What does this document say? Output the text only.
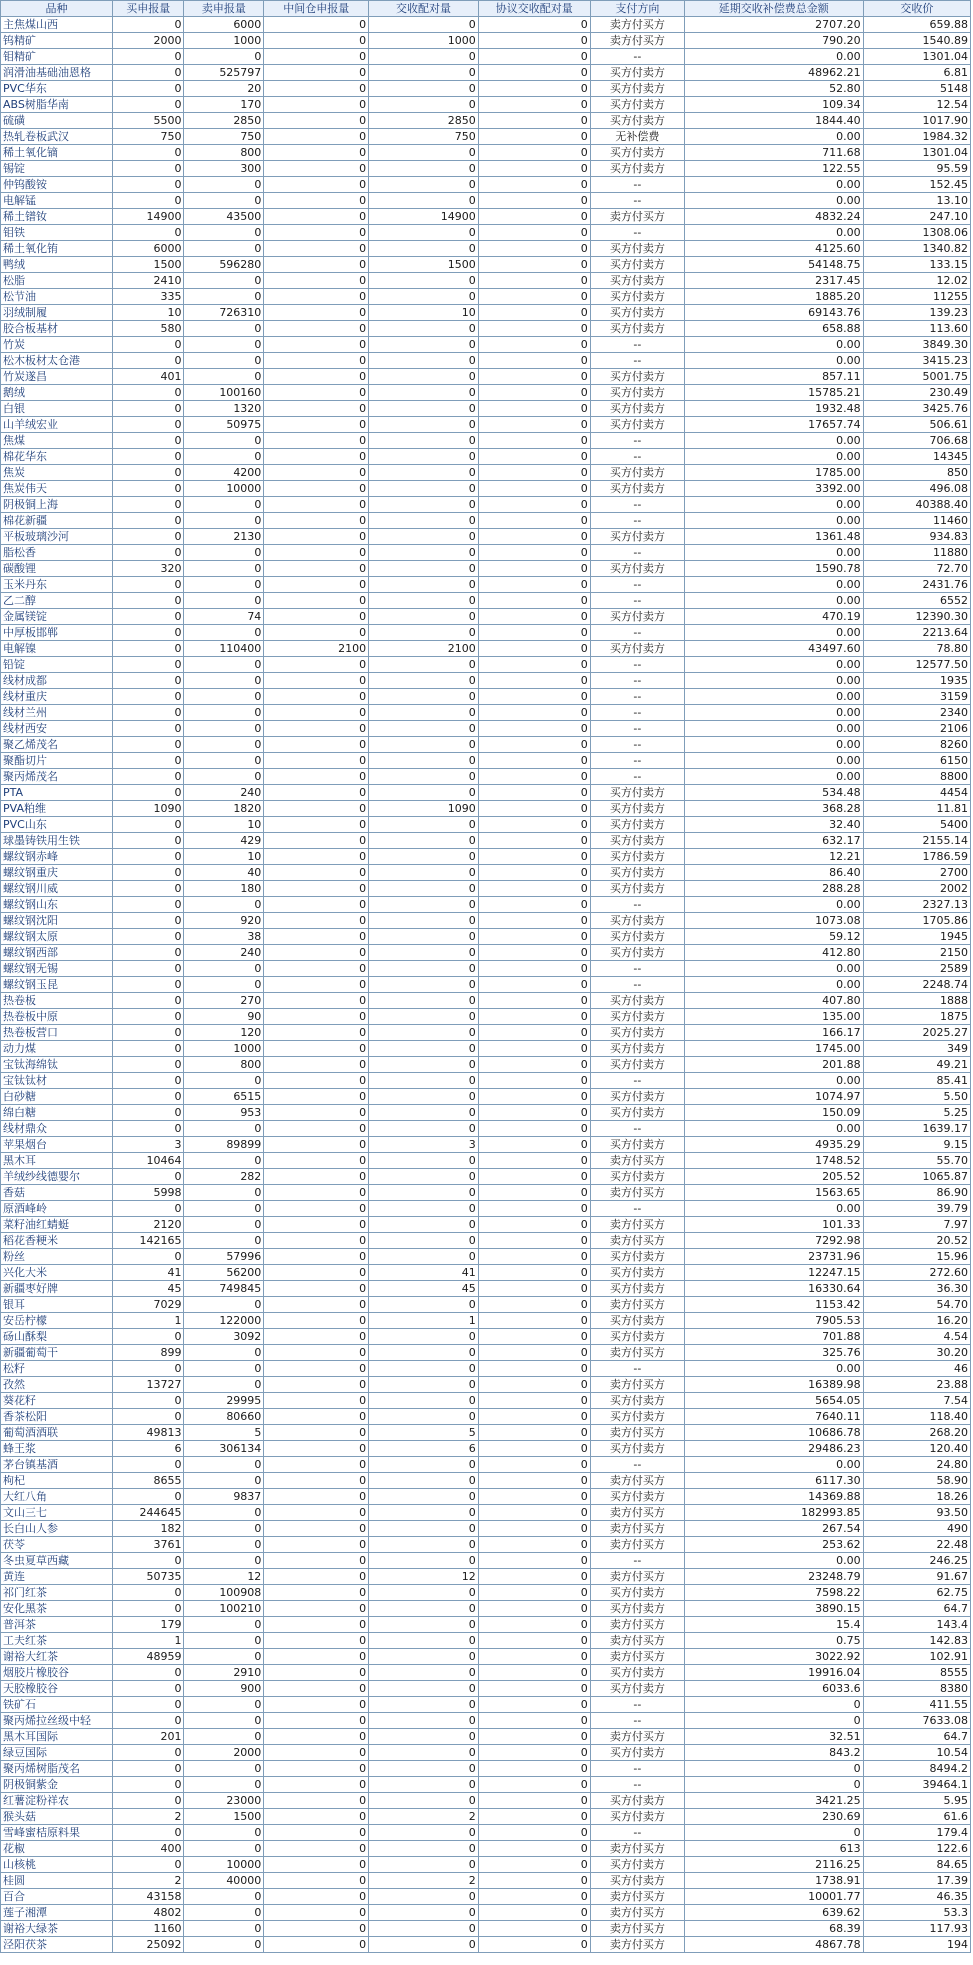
品种	买申报量	卖申报量	中间仓申报量	交收配对量	协议交收配对量	支付方向	延期交收补偿费总金额	交收价
主焦煤山西	0	6000	0	0	0	卖方付买方	2707.20	659.88
钨精矿	2000	1000	0	1000	0	卖方付买方	790.20	1540.89
钼精矿	0	0	0	0	0	--	0.00	1301.04
润滑油基础油恩格	0	525797	0	0	0	买方付卖方	48962.21	6.81
PVC华东	0	20	0	0	0	买方付卖方	52.80	5148
ABS树脂华南	0	170	0	0	0	买方付卖方	109.34	12.54
硫磺	5500	2850	0	2850	0	买方付卖方	1844.40	1017.90
热轧卷板武汉	750	750	0	750	0	无补偿费	0.00	1984.32
稀土氧化镝	0	800	0	0	0	买方付卖方	711.68	1301.04
锡锭	0	300	0	0	0	买方付卖方	122.55	95.59
仲钨酸铵	0	0	0	0	0	--	0.00	152.45
电解锰	0	0	0	0	0	--	0.00	13.10
稀土镨钕	14900	43500	0	14900	0	卖方付买方	4832.24	247.10
钼铁	0	0	0	0	0	--	0.00	1308.06
稀土氧化铕	6000	0	0	0	0	买方付卖方	4125.60	1340.82
鸭绒	1500	596280	0	1500	0	买方付卖方	54148.75	133.15
松脂	2410	0	0	0	0	买方付卖方	2317.45	12.02
松节油	335	0	0	0	0	买方付卖方	1885.20	11255
羽绒制履	10	726310	0	10	0	买方付卖方	69143.76	139.23
胶合板基材	580	0	0	0	0	买方付卖方	658.88	113.60
竹炭	0	0	0	0	0	--	0.00	3849.30
松木板材太仓港	0	0	0	0	0	--	0.00	3415.23
竹炭遂昌	401	0	0	0	0	买方付卖方	857.11	5001.75
鹅绒	0	100160	0	0	0	买方付卖方	15785.21	230.49
白银	0	1320	0	0	0	买方付卖方	1932.48	3425.76
山羊绒宏业	0	50975	0	0	0	买方付卖方	17657.74	506.61
焦煤	0	0	0	0	0	--	0.00	706.68
棉花华东	0	0	0	0	0	--	0.00	14345
焦炭	0	4200	0	0	0	买方付卖方	1785.00	850
焦炭伟天	0	10000	0	0	0	买方付卖方	3392.00	496.08
阴极铜上海	0	0	0	0	0	--	0.00	40388.40
棉花新疆	0	0	0	0	0	--	0.00	11460
平板玻璃沙河	0	2130	0	0	0	买方付卖方	1361.48	934.83
脂松香	0	0	0	0	0	--	0.00	11880
碳酸锂	320	0	0	0	0	买方付卖方	1590.78	72.70
玉米丹东	0	0	0	0	0	--	0.00	2431.76
乙二醇	0	0	0	0	0	--	0.00	6552
金属镁锭	0	74	0	0	0	买方付卖方	470.19	12390.30
中厚板邯郸	0	0	0	0	0	--	0.00	2213.64
电解镍	0	110400	2100	2100	0	买方付卖方	43497.60	78.80
铅锭	0	0	0	0	0	--	0.00	12577.50
线材成都	0	0	0	0	0	--	0.00	1935
线材重庆	0	0	0	0	0	--	0.00	3159
线材兰州	0	0	0	0	0	--	0.00	2340
线材西安	0	0	0	0	0	--	0.00	2106
聚乙烯茂名	0	0	0	0	0	--	0.00	8260
聚酯切片	0	0	0	0	0	--	0.00	6150
聚丙烯茂名	0	0	0	0	0	--	0.00	8800
PTA	0	240	0	0	0	买方付卖方	534.48	4454
PVA粕维	1090	1820	0	1090	0	买方付卖方	368.28	11.81
PVC山东	0	10	0	0	0	买方付卖方	32.40	5400
球墨铸铁用生铁	0	429	0	0	0	买方付卖方	632.17	2155.14
螺纹钢赤峰	0	10	0	0	0	买方付卖方	12.21	1786.59
螺纹钢重庆	0	40	0	0	0	买方付卖方	86.40	2700
螺纹钢川威	0	180	0	0	0	买方付卖方	288.28	2002
螺纹钢山东	0	0	0	0	0	--	0.00	2327.13
螺纹钢沈阳	0	920	0	0	0	买方付卖方	1073.08	1705.86
螺纹钢太原	0	38	0	0	0	买方付卖方	59.12	1945
螺纹钢西部	0	240	0	0	0	买方付卖方	412.80	2150
螺纹钢无锡	0	0	0	0	0	--	0.00	2589
螺纹钢玉昆	0	0	0	0	0	--	0.00	2248.74
热卷板	0	270	0	0	0	买方付卖方	407.80	1888
热卷板中原	0	90	0	0	0	买方付卖方	135.00	1875
热卷板营口	0	120	0	0	0	买方付卖方	166.17	2025.27
动力煤	0	1000	0	0	0	买方付卖方	1745.00	349
宝钛海绵钛	0	800	0	0	0	买方付卖方	201.88	49.21
宝钛钛材	0	0	0	0	0	--	0.00	85.41
白砂糖	0	6515	0	0	0	买方付卖方	1074.97	5.50
绵白糖	0	953	0	0	0	买方付卖方	150.09	5.25
线材鼎众	0	0	0	0	0	--	0.00	1639.17
苹果烟台	3	89899	0	3	0	买方付卖方	4935.29	9.15
黑木耳	10464	0	0	0	0	卖方付买方	1748.52	55.70
羊绒纱线德婴尔	0	282	0	0	0	买方付卖方	205.52	1065.87
香菇	5998	0	0	0	0	卖方付买方	1563.65	86.90
原酒峰岭	0	0	0	0	0	--	0.00	39.79
菜籽油红蜻蜓	2120	0	0	0	0	卖方付买方	101.33	7.97
稻花香粳米	142165	0	0	0	0	卖方付买方	7292.98	20.52
粉丝	0	57996	0	0	0	买方付卖方	23731.96	15.96
兴化大米	41	56200	0	41	0	买方付卖方	12247.15	272.60
新疆枣好牌	45	749845	0	45	0	买方付卖方	16330.64	36.30
银耳	7029	0	0	0	0	卖方付买方	1153.42	54.70
安岳柠檬	1	122000	0	1	0	买方付卖方	7905.53	16.20
砀山酥梨	0	3092	0	0	0	买方付卖方	701.88	4.54
新疆葡萄干	899	0	0	0	0	卖方付买方	325.76	30.20
松籽	0	0	0	0	0	--	0.00	46
孜然	13727	0	0	0	0	卖方付买方	16389.98	23.88
葵花籽	0	29995	0	0	0	买方付卖方	5654.05	7.54
香茶松阳	0	80660	0	0	0	买方付卖方	7640.11	118.40
葡萄酒酒联	49813	5	0	5	0	卖方付买方	10686.78	268.20
蜂王浆	6	306134	0	6	0	买方付卖方	29486.23	120.40
茅台镇基酒	0	0	0	0	0	--	0.00	24.80
枸杞	8655	0	0	0	0	卖方付买方	6117.30	58.90
大红八角	0	9837	0	0	0	买方付卖方	14369.88	18.26
文山三七	244645	0	0	0	0	卖方付买方	182993.85	93.50
长白山人参	182	0	0	0	0	卖方付买方	267.54	490
茯苓	3761	0	0	0	0	卖方付买方	253.62	22.48
冬虫夏草西藏	0	0	0	0	0	--	0.00	246.25
黄连	50735	12	0	12	0	卖方付买方	23248.79	91.67
祁门红茶	0	100908	0	0	0	买方付卖方	7598.22	62.75
安化黑茶	0	100210	0	0	0	买方付卖方	3890.15	64.7
普洱茶	179	0	0	0	0	卖方付买方	15.4	143.4
工夫红茶	1	0	0	0	0	卖方付买方	0.75	142.83
谢裕大红茶	48959	0	0	0	0	卖方付买方	3022.92	102.91
烟胶片橡胶谷	0	2910	0	0	0	买方付卖方	19916.04	8555
天胶橡胶谷	0	900	0	0	0	买方付卖方	6033.6	8380
铁矿石	0	0	0	0	0	--	0	411.55
聚丙烯拉丝级中轻	0	0	0	0	0	--	0	7633.08
黑木耳国际	201	0	0	0	0	卖方付买方	32.51	64.7
绿豆国际	0	2000	0	0	0	买方付卖方	843.2	10.54
聚丙烯树脂茂名	0	0	0	0	0	--	0	8494.2
阴极铜紫金	0	0	0	0	0	--	0	39464.1
红薯淀粉祥农	0	23000	0	0	0	买方付卖方	3421.25	5.95
猴头菇	2	1500	0	2	0	买方付卖方	230.69	61.6
雪峰蜜桔原料果	0	0	0	0	0	--	0	179.4
花椒	400	0	0	0	0	卖方付买方	613	122.6
山核桃	0	10000	0	0	0	买方付卖方	2116.25	84.65
桂圆	2	40000	0	2	0	买方付卖方	1738.91	17.39
百合	43158	0	0	0	0	卖方付买方	10001.77	46.35
莲子湘潭	4802	0	0	0	0	卖方付买方	639.62	53.3
谢裕大绿茶	1160	0	0	0	0	卖方付买方	68.39	117.93
泾阳茯茶	25092	0	0	0	0	卖方付买方	4867.78	194
